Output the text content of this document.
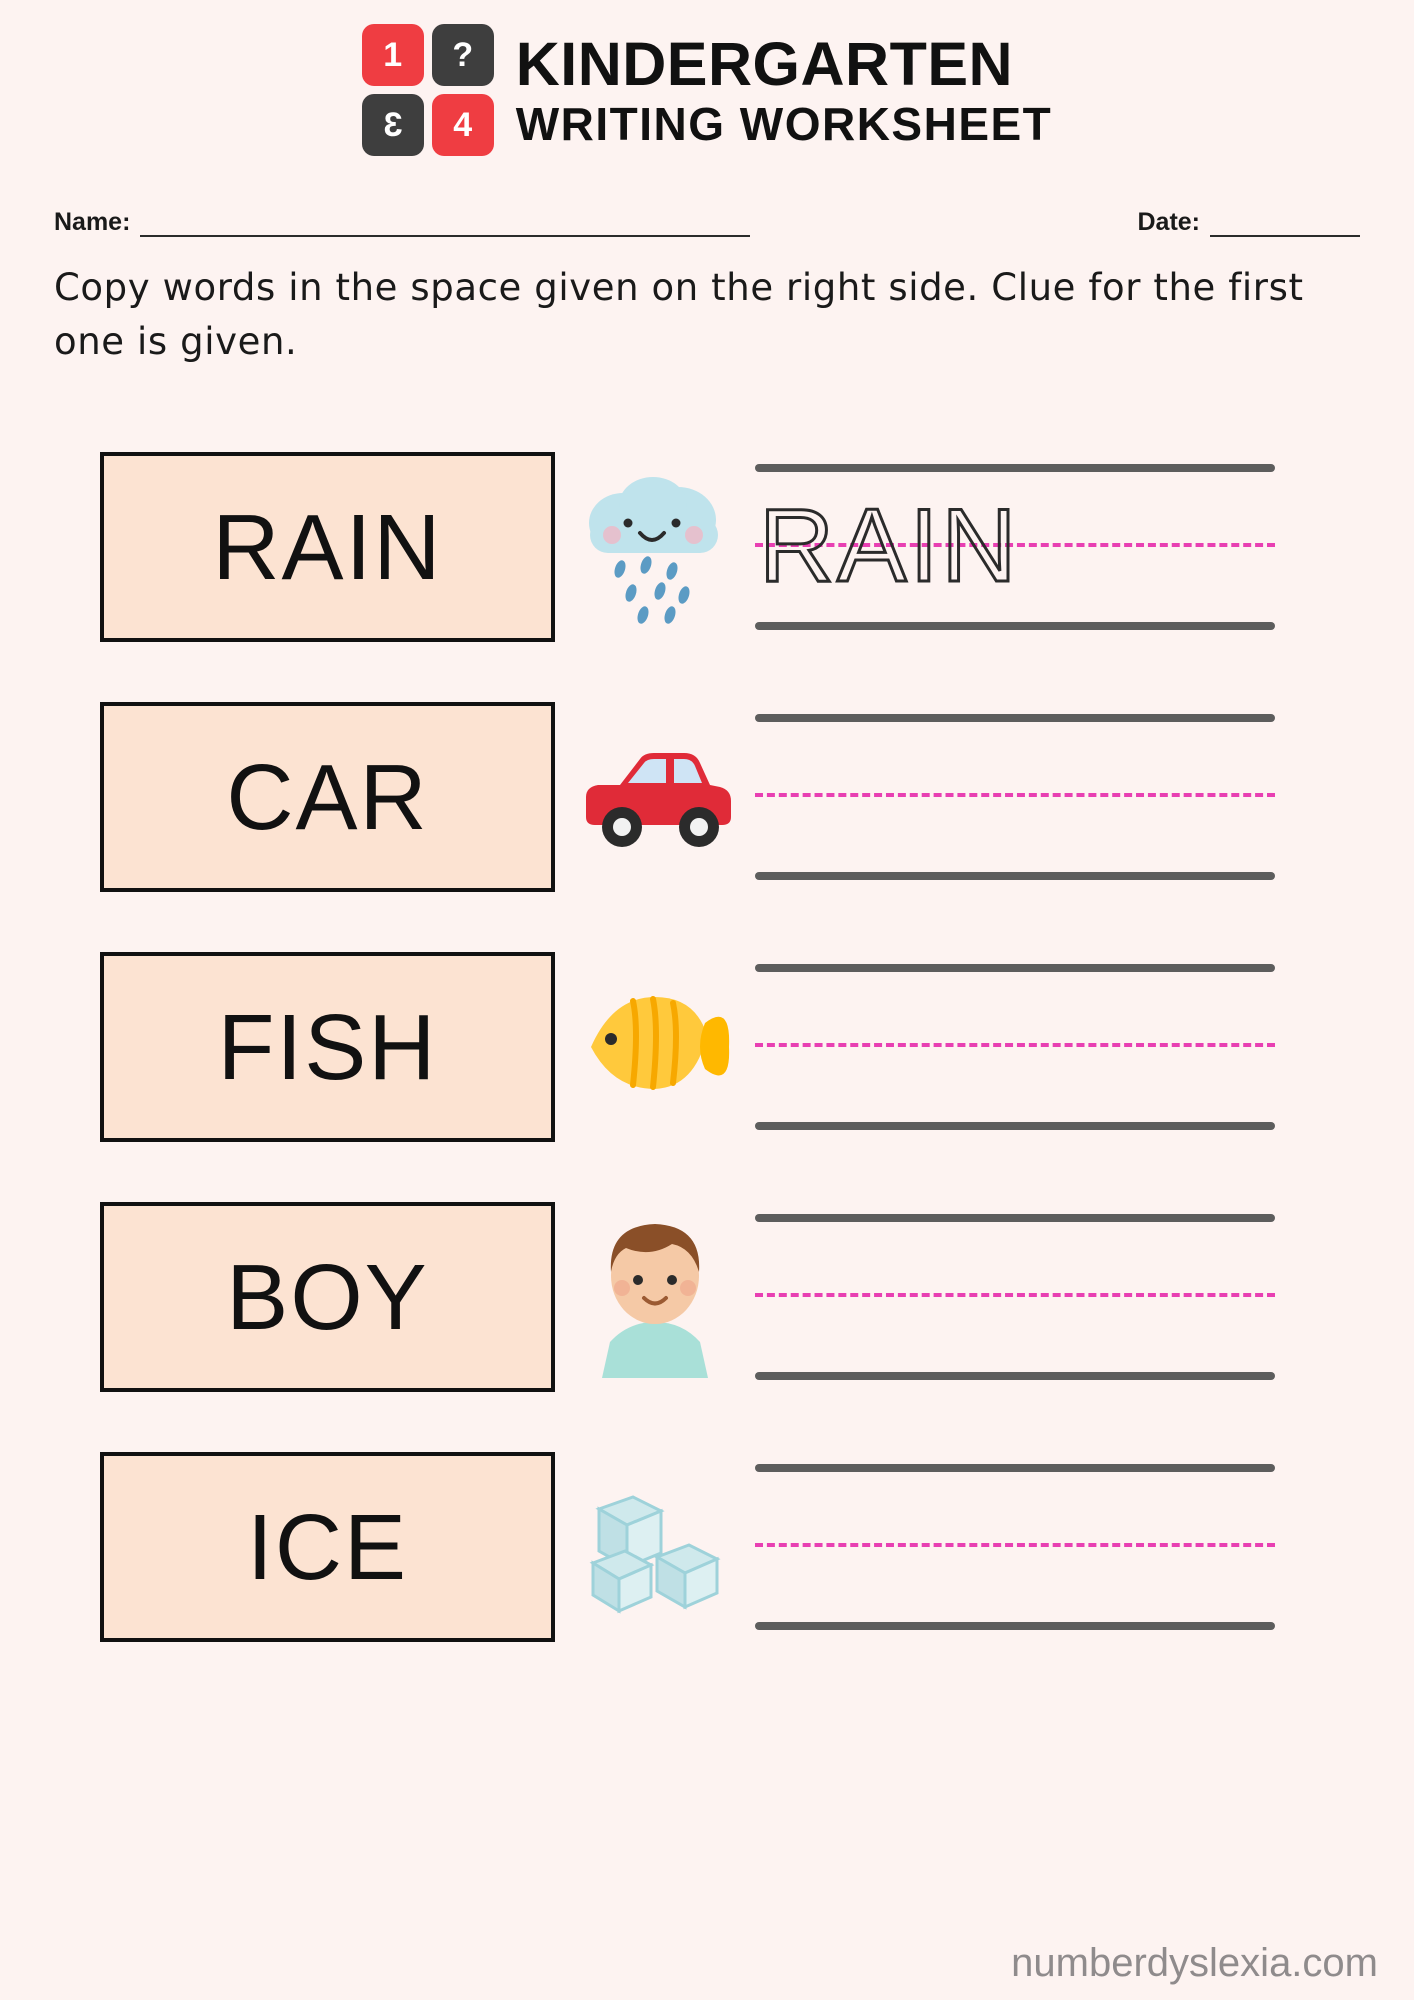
1	?
3	4
KINDERGARTEN
WRITING WORKSHEET
Name:	Date:
Copy words in the space given on the right side. Clue for the first one is given.
RAIN	RAIN
CAR
FISH
BOY
ICE
numberdyslexia.com
